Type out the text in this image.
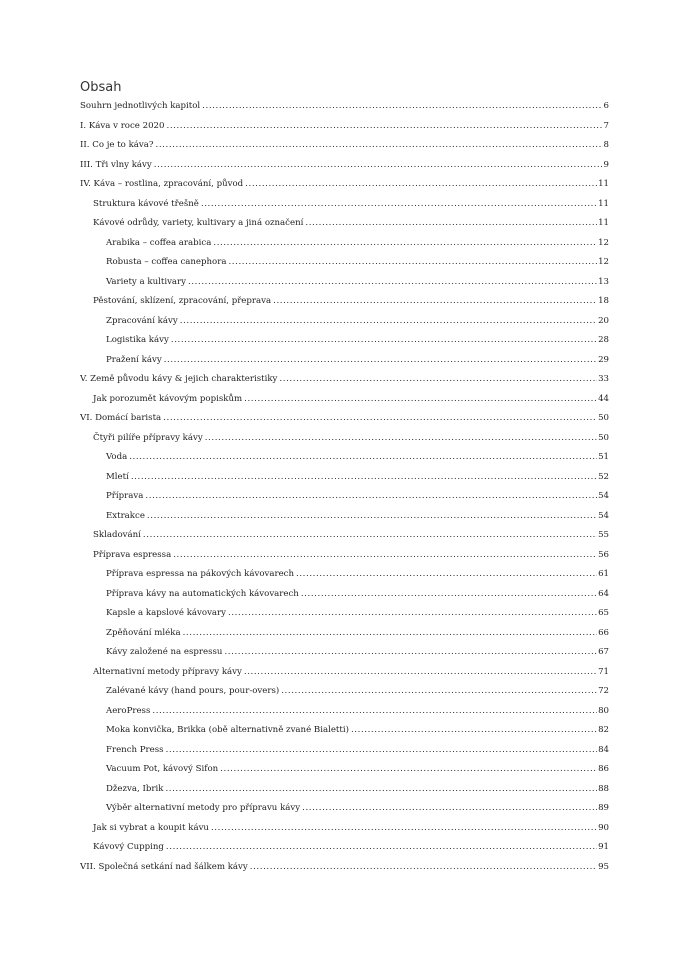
Obsah
Souhrn jednotlivých kapitol .....	6
I. Káva v roce 2020 .....	7
II. Co je to káva? .....	8
III. Tři vlny kávy .....	9
IV. Káva – rostlina, zpracování, původ .....	11
Struktura kávové třešně .....	11
Kávové odrůdy, variety, kultivary a jiná označení .....	11
Arabika – coffea arabica .....	12
Robusta – coffea canephora .....	12
Variety a kultivary .....	13
Pěstování, sklízení, zpracování, přeprava .....	18
Zpracování kávy .....	20
Logistika kávy .....	28
Pražení kávy .....	29
V. Země původu kávy & jejich charakteristiky .....	33
Jak porozumět kávovým popiskům .....	44
VI. Domácí barista .....	50
Čtyři pilíře přípravy kávy .....	50
Voda .....	51
Mletí .....	52
Příprava .....	54
Extrakce .....	54
Skladování .....	55
Příprava espressa .....	56
Příprava espressa na pákových kávovarech .....	61
Příprava kávy na automatických kávovarech .....	64
Kapsle a kapslové kávovary .....	65
Zpěňování mléka .....	66
Kávy založené na espressu .....	67
Alternativní metody přípravy kávy .....	71
Zalévané kávy (hand pours, pour-overs) .....	72
AeroPress .....	80
Moka konvička, Brikka (obě alternativně zvané Bialetti) .....	82
French Press .....	84
Vacuum Pot, kávový Sifon .....	86
Džezva, Ibrik .....	88
Výběr alternativní metody pro přípravu kávy .....	89
Jak si vybrat a koupit kávu .....	90
Kávový Cupping .....	91
VII. Společná setkání nad šálkem kávy .....	95
